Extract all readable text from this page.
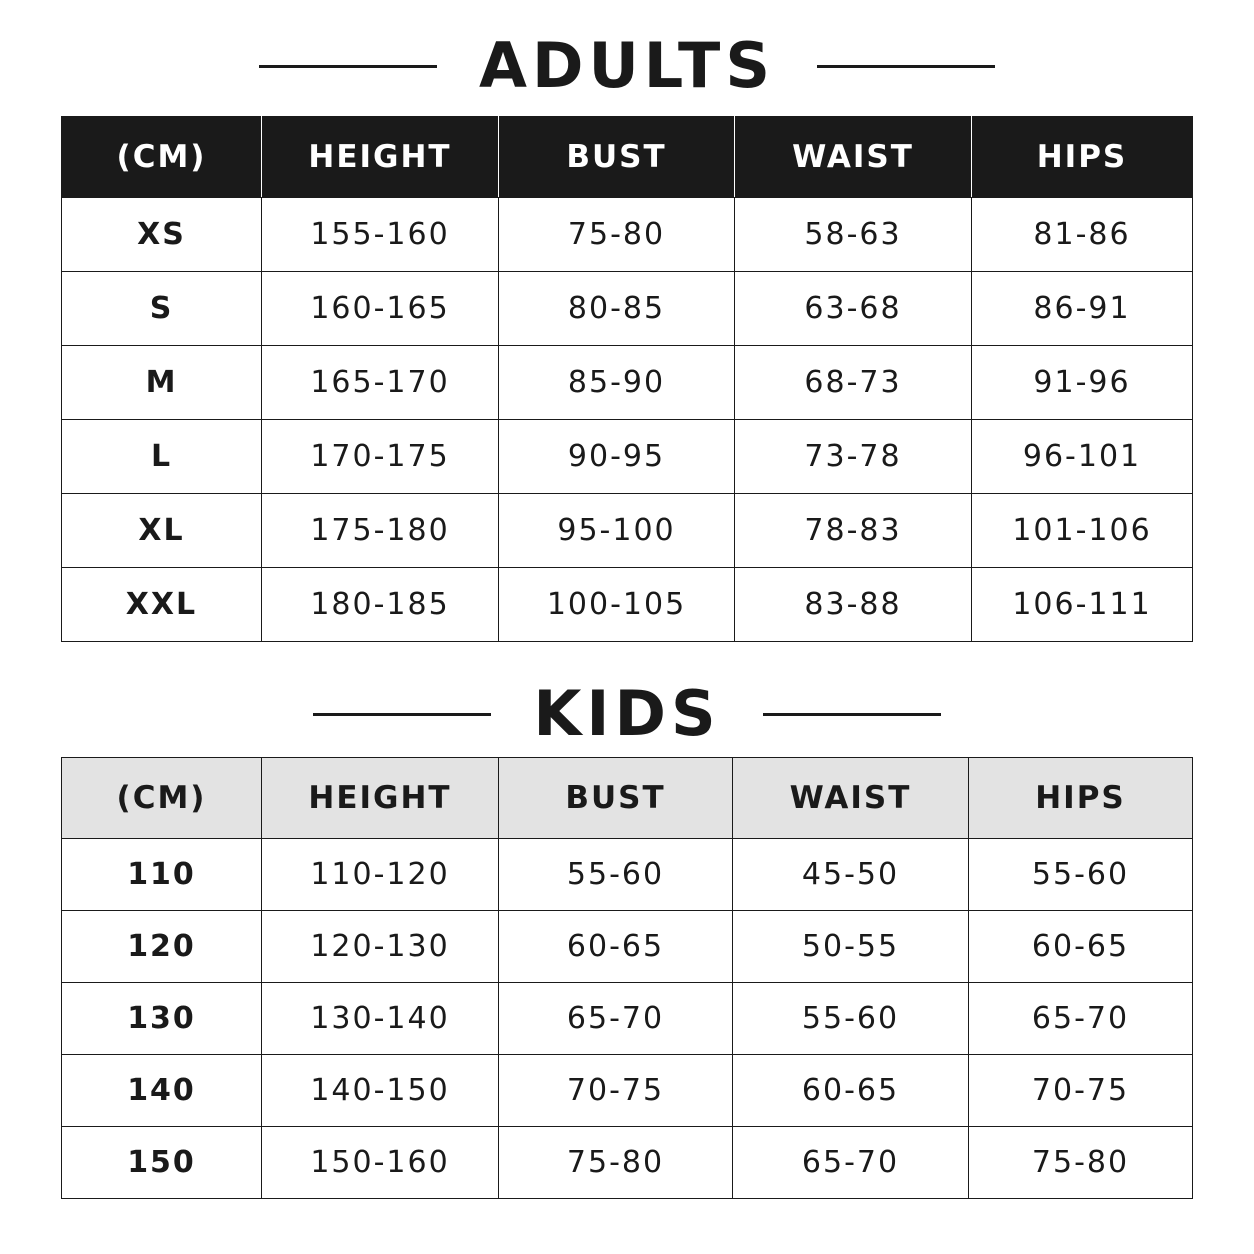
ADULTS
(CM)	HEIGHT	BUST	WAIST	HIPS
XS	155-160	75-80	58-63	81-86
S	160-165	80-85	63-68	86-91
M	165-170	85-90	68-73	91-96
L	170-175	90-95	73-78	96-101
XL	175-180	95-100	78-83	101-106
XXL	180-185	100-105	83-88	106-111
KIDS
(CM)	HEIGHT	BUST	WAIST	HIPS
110	110-120	55-60	45-50	55-60
120	120-130	60-65	50-55	60-65
130	130-140	65-70	55-60	65-70
140	140-150	70-75	60-65	70-75
150	150-160	75-80	65-70	75-80
